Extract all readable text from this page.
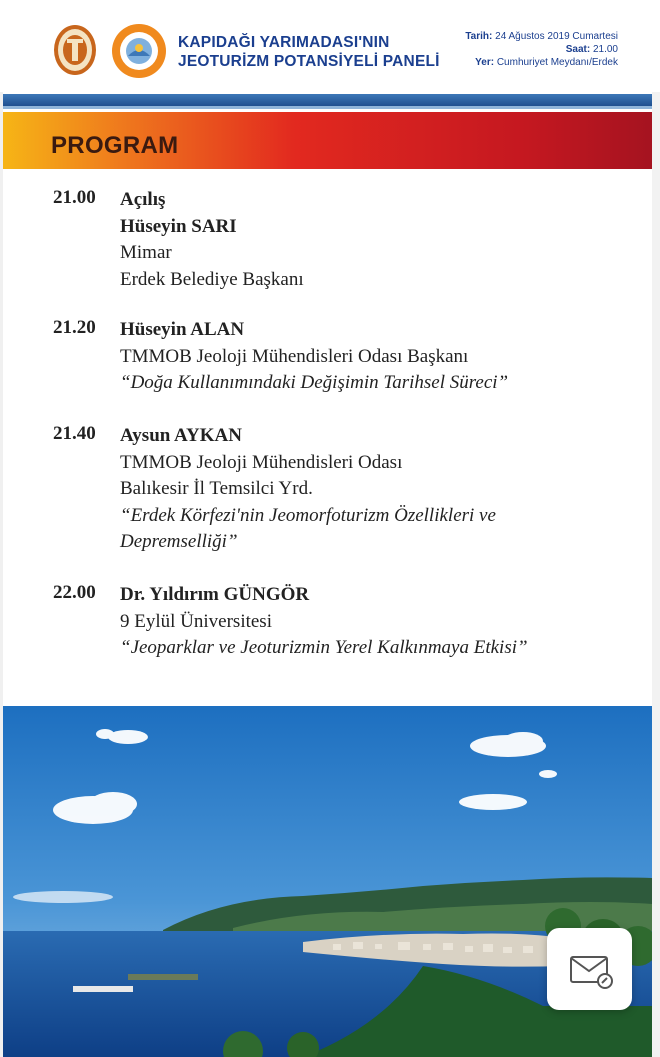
KAPIDAĞI YARIMADASI'NIN
JEOTURİZM POTANSİYELİ PANELİ
Tarih: 24 Ağustos 2019 Cumartesi
Saat: 21.00
Yer: Cumhuriyet Meydanı/Erdek
PROGRAM
21.00 Açılış
Hüseyin SARI
Mimar
Erdek Belediye Başkanı
21.20 Hüseyin ALAN
TMMOB Jeoloji Mühendisleri Odası Başkanı
“Doğa Kullanımındaki Değişimin Tarihsel Süreci”
21.40 Aysun AYKAN
TMMOB Jeoloji Mühendisleri Odası
Balıkesir İl Temsilci Yrd.
“Erdek Körfezi'nin Jeomorfoturizm Özellikleri ve
Depremselliği”
22.00 Dr. Yıldırım GÜNGÖR
9 Eylül Üniversitesi
“Jeoparklar ve Jeoturizmin Yerel Kalkınmaya Etkisi”
